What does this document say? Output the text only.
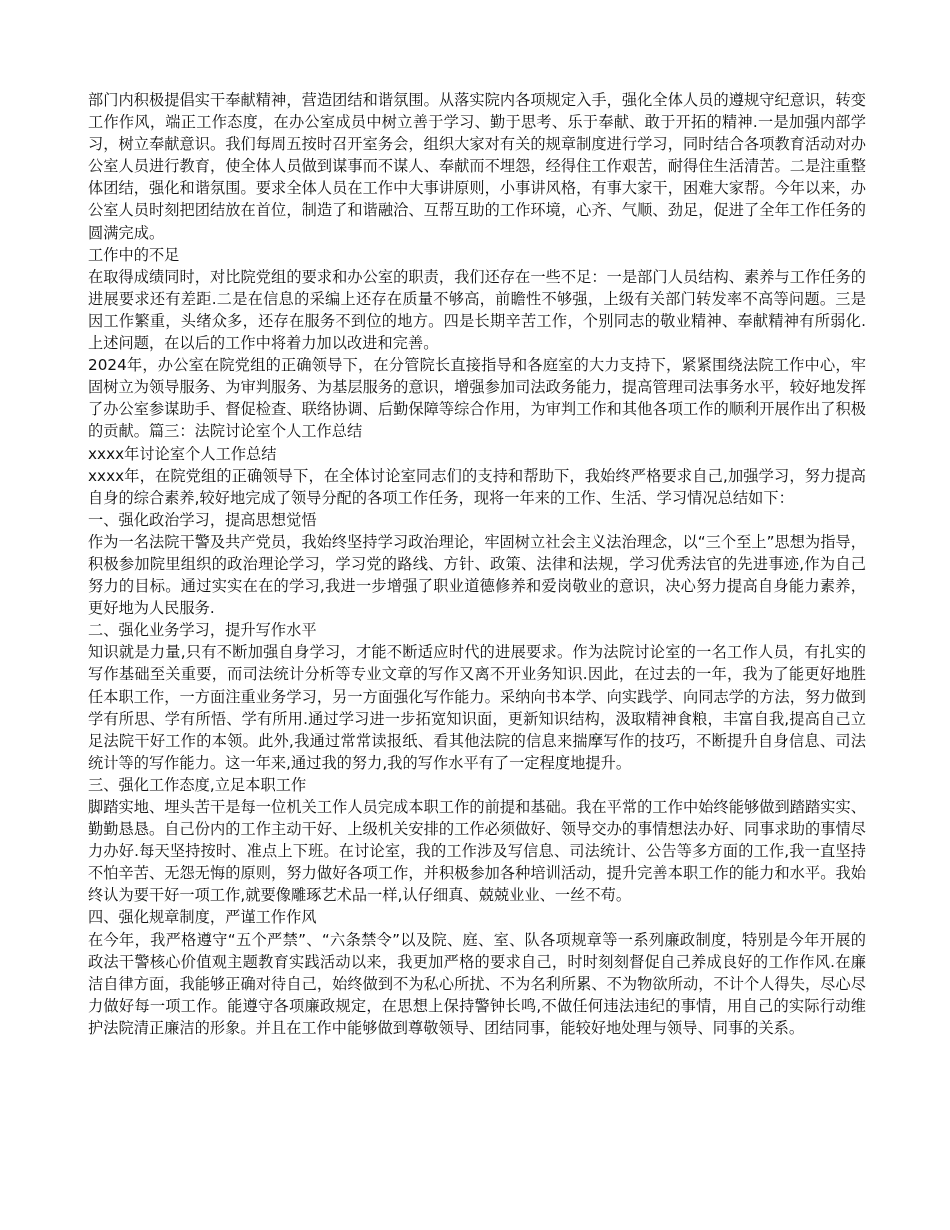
部门内积极提倡实干奉献精神，营造团结和谐氛围。从落实院内各项规定入手，强化全体人员的遵规守纪意识，转变工作作风，端正工作态度，在办公室成员中树立善于学习、勤于思考、乐于奉献、敢于开拓的精神.一是加强内部学习，树立奉献意识。我们每周五按时召开室务会，组织大家对有关的规章制度进行学习，同时结合各项教育活动对办公室人员进行教育，使全体人员做到谋事而不谋人、奉献而不埋怨，经得住工作艰苦，耐得住生活清苦。二是注重整体团结，强化和谐氛围。要求全体人员在工作中大事讲原则，小事讲风格，有事大家干，困难大家帮。今年以来，办公室人员时刻把团结放在首位，制造了和谐融洽、互帮互助的工作环境，心齐、气顺、劲足，促进了全年工作任务的圆满完成。

工作中的不足

在取得成绩同时，对比院党组的要求和办公室的职责，我们还存在一些不足：一是部门人员结构、素养与工作任务的进展要求还有差距.二是在信息的采编上还存在质量不够高，前瞻性不够强，上级有关部门转发率不高等问题。三是因工作繁重，头绪众多，还存在服务不到位的地方。四是长期辛苦工作，个别同志的敬业精神、奉献精神有所弱化.上述问题，在以后的工作中将着力加以改进和完善。

2024年，办公室在院党组的正确领导下，在分管院长直接指导和各庭室的大力支持下，紧紧围绕法院工作中心，牢固树立为领导服务、为审判服务、为基层服务的意识，增强参加司法政务能力，提高管理司法事务水平，较好地发挥了办公室参谋助手、督促检查、联络协调、后勤保障等综合作用，为审判工作和其他各项工作的顺利开展作出了积极的贡献。篇三：法院讨论室个人工作总结

xxxx年讨论室个人工作总结

xxxx年，在院党组的正确领导下，在全体讨论室同志们的支持和帮助下，我始终严格要求自己,加强学习，努力提高自身的综合素养,较好地完成了领导分配的各项工作任务，现将一年来的工作、生活、学习情况总结如下：

一、强化政治学习，提高思想觉悟

作为一名法院干警及共产党员，我始终坚持学习政治理论，牢固树立社会主义法治理念，以“三个至上”思想为指导，积极参加院里组织的政治理论学习，学习党的路线、方针、政策、法律和法规，学习优秀法官的先进事迹,作为自己努力的目标。通过实实在在的学习,我进一步增强了职业道德修养和爱岗敬业的意识，决心努力提高自身能力素养，更好地为人民服务.

二、强化业务学习，提升写作水平

知识就是力量,只有不断加强自身学习，才能不断适应时代的进展要求。作为法院讨论室的一名工作人员，有扎实的写作基础至关重要，而司法统计分析等专业文章的写作又离不开业务知识.因此，在过去的一年，我为了能更好地胜任本职工作，一方面注重业务学习，另一方面强化写作能力。采纳向书本学、向实践学、向同志学的方法，努力做到学有所思、学有所悟、学有所用.通过学习进一步拓宽知识面，更新知识结构，汲取精神食粮，丰富自我,提高自己立足法院干好工作的本领。此外,我通过常常读报纸、看其他法院的信息来揣摩写作的技巧，不断提升自身信息、司法统计等的写作能力。这一年来,通过我的努力,我的写作水平有了一定程度地提升。

三、强化工作态度,立足本职工作

脚踏实地、埋头苦干是每一位机关工作人员完成本职工作的前提和基础。我在平常的工作中始终能够做到踏踏实实、勤勤恳恳。自己份内的工作主动干好、上级机关安排的工作必须做好、领导交办的事情想法办好、同事求助的事情尽力办好.每天坚持按时、准点上下班。在讨论室，我的工作涉及写信息、司法统计、公告等多方面的工作,我一直坚持不怕辛苦、无怨无悔的原则，努力做好各项工作，并积极参加各种培训活动，提升完善本职工作的能力和水平。我始终认为要干好一项工作,就要像雕琢艺术品一样,认仔细真、兢兢业业、一丝不苟。

四、强化规章制度，严谨工作作风

在今年，我严格遵守“五个严禁”、“六条禁令”以及院、庭、室、队各项规章等一系列廉政制度，特别是今年开展的政法干警核心价值观主题教育实践活动以来，我更加严格的要求自己，时时刻刻督促自己养成良好的工作作风.在廉洁自律方面，我能够正确对待自己，始终做到不为私心所扰、不为名利所累、不为物欲所动，不计个人得失，尽心尽力做好每一项工作。能遵守各项廉政规定，在思想上保持警钟长鸣,不做任何违法违纪的事情，用自己的实际行动维护法院清正廉洁的形象。并且在工作中能够做到尊敬领导、团结同事，能较好地处理与领导、同事的关系。
